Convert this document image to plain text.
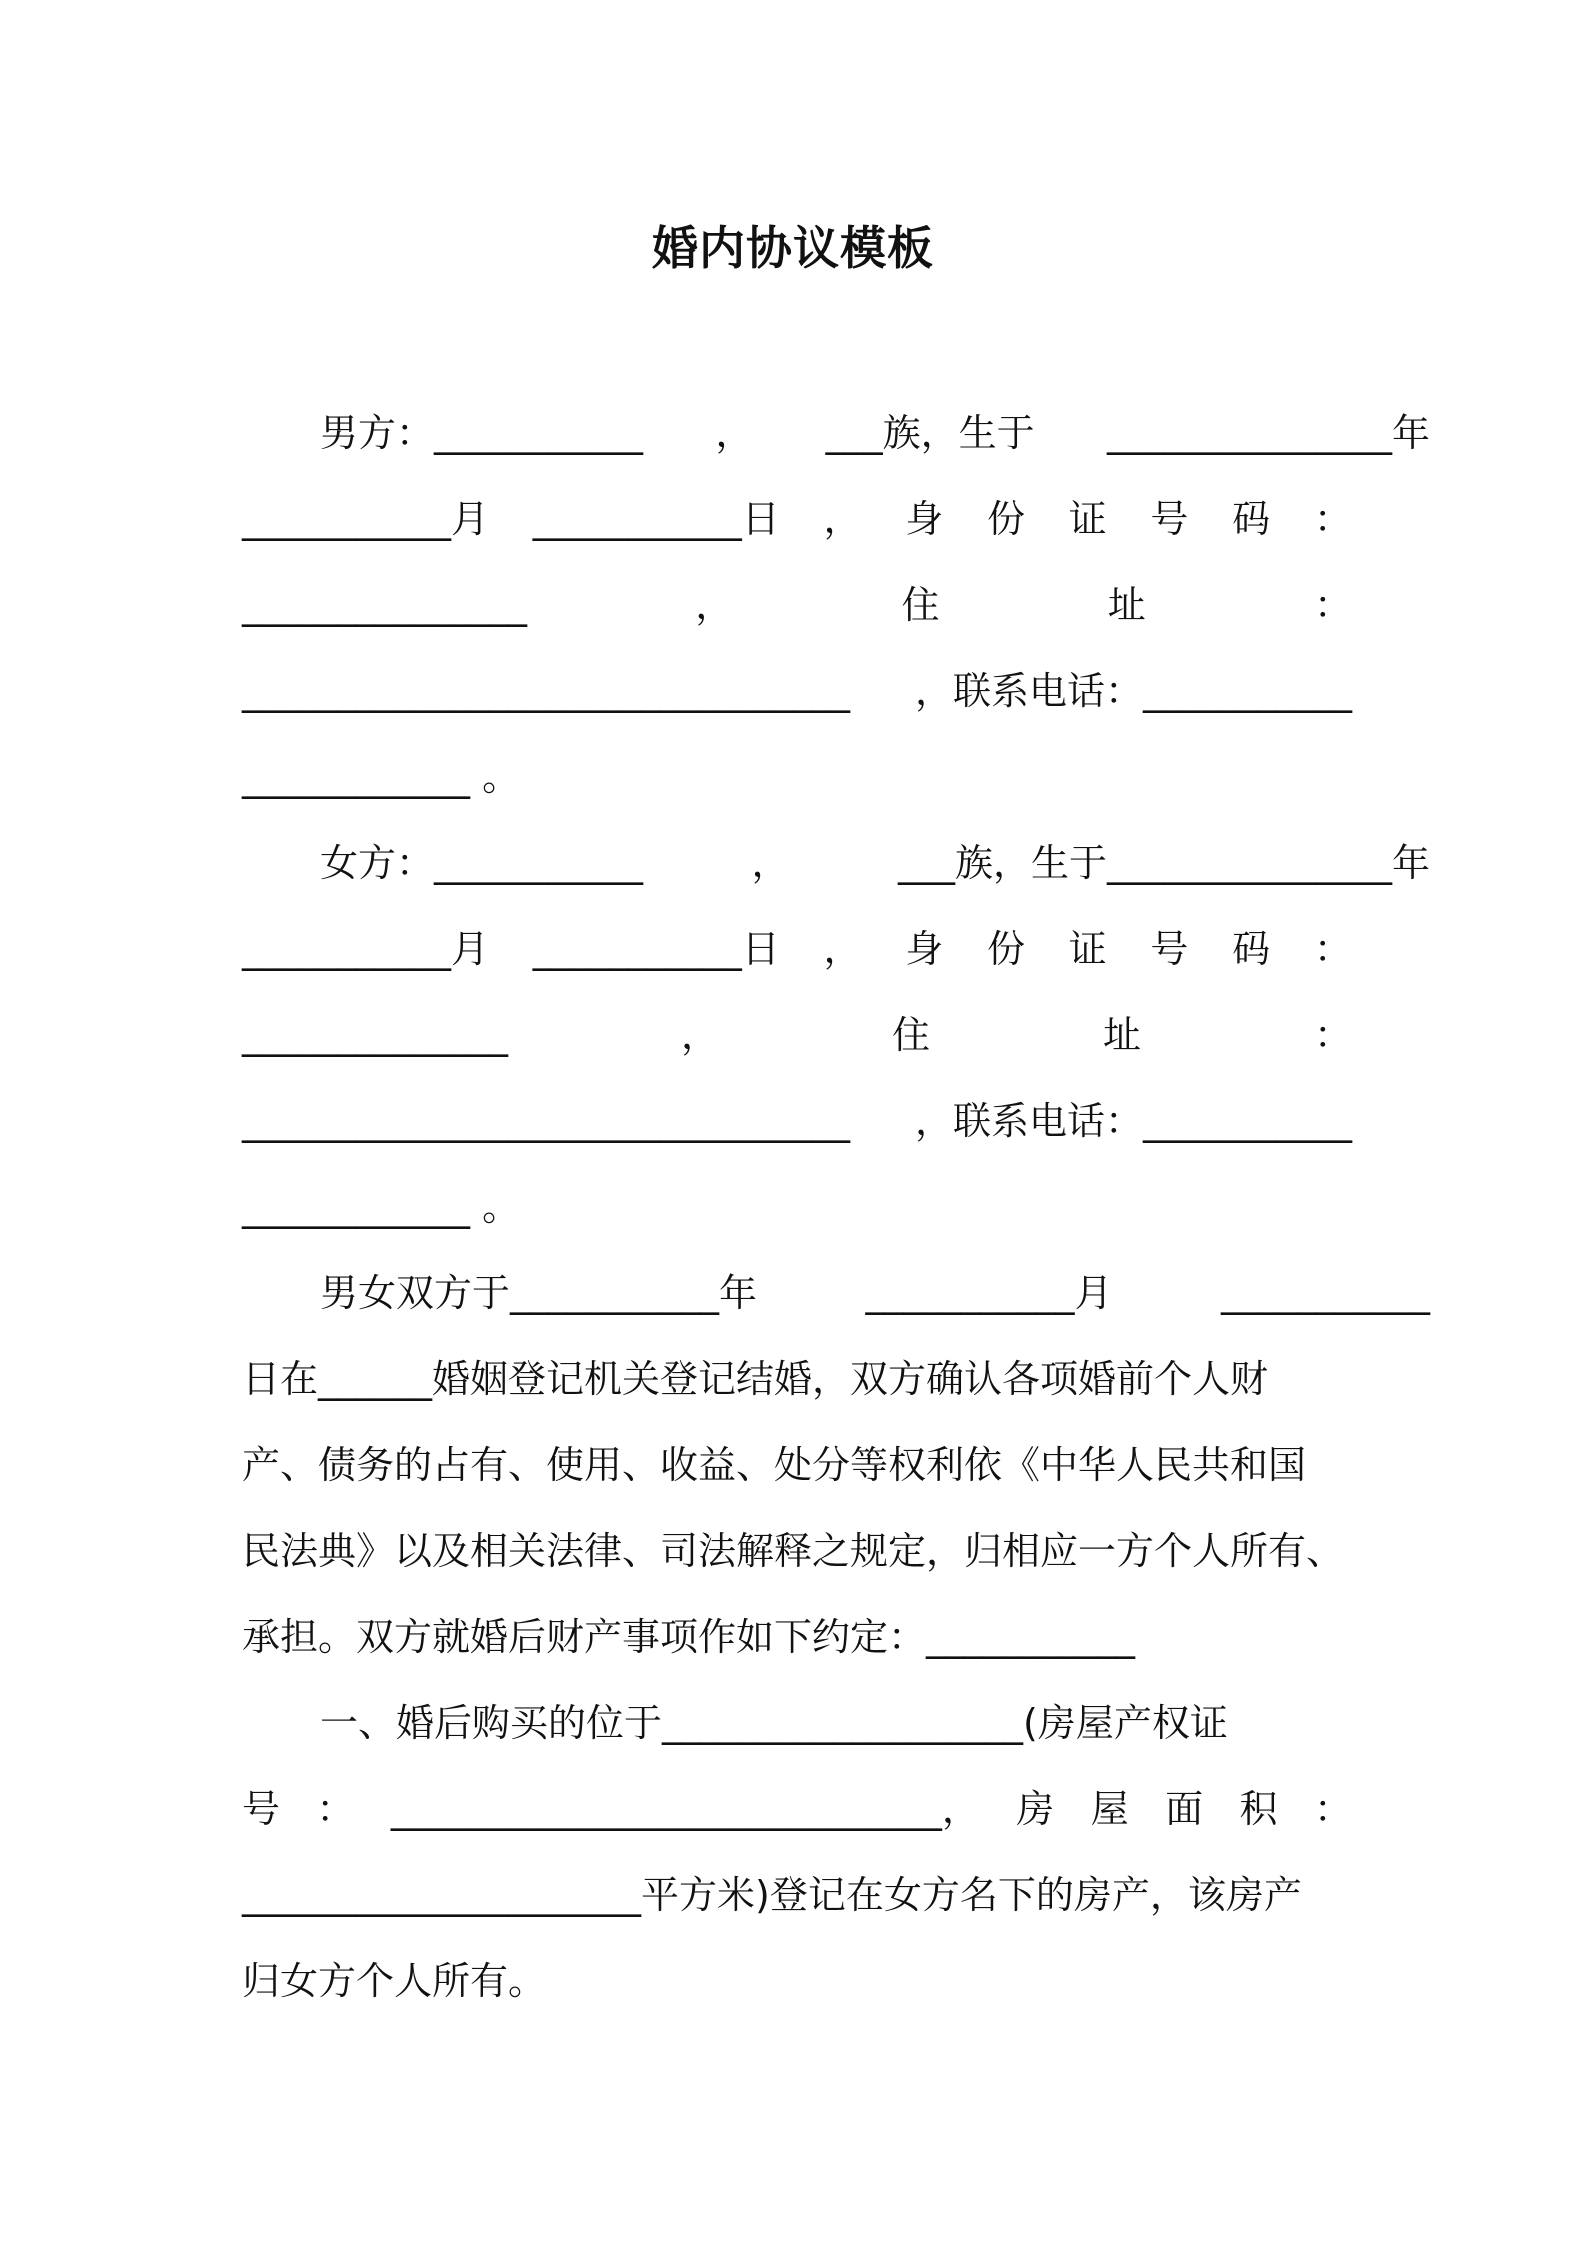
婚内协议模板
男方：___________ ， ___族，生于 _______________年
___________月 ___________日 ， 身 份 证 号 码 ：
_______________	，	住	址	：
________________________________ ，联系电话：___________
____________ 。
女方：___________	，	___族，生于_______________年
___________月 ___________日 ， 身 份 证 号 码 ：
______________	，	住	址	：
________________________________ ，联系电话：___________
____________ 。
男女双方于___________年	___________月	___________
日在______婚姻登记机关登记结婚，双方确认各项婚前个人财
产、债务的占有、使用、收益、处分等权利依《中华人民共和国
民法典》以及相关法律、司法解释之规定，归相应一方个人所有、
承担。双方就婚后财产事项作如下约定：___________
一、婚后购买的位于___________________(房屋产权证
号 ： _____________________________， 房 屋 面 积 ：
_____________________平方米)登记在女方名下的房产，该房产
归女方个人所有。
